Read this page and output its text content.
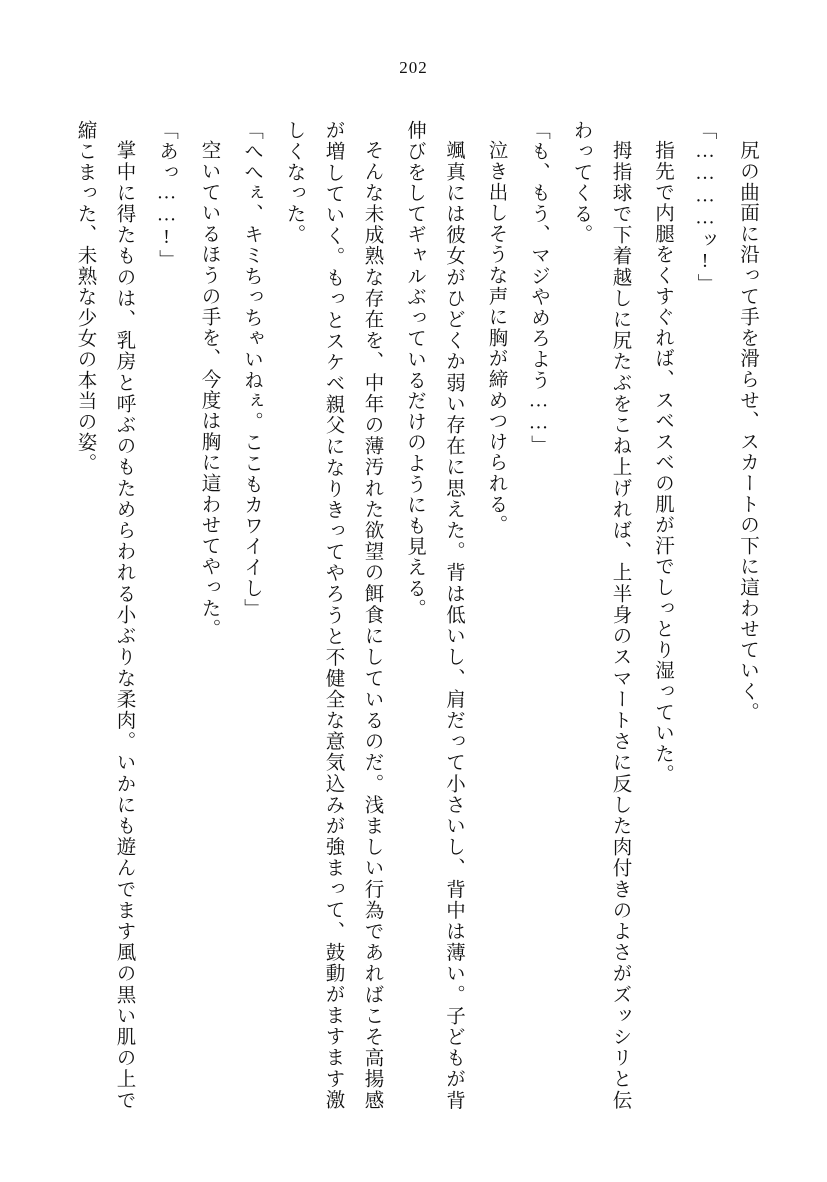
202

尻の曲面に沿って手を滑らせ、スカートの下に這わせていく。

「…………ッ!」

指先で内腿をくすぐれば、スベスベの肌が汗でしっとり湿っていた。

拇指球で下着越しに尻たぶをこね上げれば、上半身のスマートさに反した肉付きのよさがズッシリと伝わってくる。

「も、もう、マジやめろよう……」

泣き出しそうな声に胸が締めつけられる。

颯真には彼女がひどくか弱い存在に思えた。背は低いし、肩だって小さいし、背中は薄い。子どもが背伸びをしてギャルぶっているだけのようにも見える。

そんな未成熟な存在を、中年の薄汚れた欲望の餌食にしているのだ。浅ましい行為であればこそ高揚感が増していく。もっとスケベ親父になりきってやろうと不健全な意気込みが強まって、鼓動がますます激しくなった。

「へへぇ、キミちっちゃいねぇ。ここもカワイイし」

空いているほうの手を、今度は胸に這わせてやった。

「あっ……!」

掌中に得たものは、乳房と呼ぶのもためらわれる小ぶりな柔肉。いかにも遊んでます風の黒い肌の上で縮こまった、未熟な少女の本当の姿。
